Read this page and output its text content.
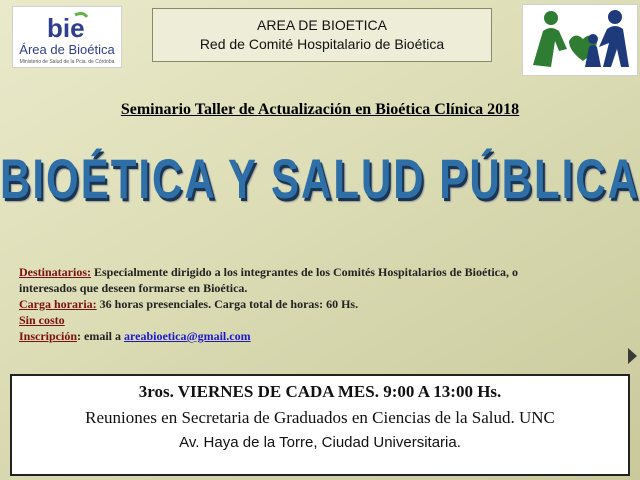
bie
Área de Bioética
Ministerio de Salud de la Pcia. de Córdoba
AREA DE BIOETICA
Red de Comité Hospitalario de Bioética
Seminario Taller de Actualización en Bioética Clínica 2018
BIOÉTICA Y SALUD PÚBLICA

Destinatarios: Especialmente dirigido a los integrantes de los Comités Hospitalarios de Bioética, o

interesados que deseen formarse en Bioética.

Carga horaria: 36 horas presenciales. Carga total de horas: 60 Hs.

Sin costo

Inscripción: email a areabioetica@gmail.com

3ros. VIERNES DE CADA MES. 9:00 A 13:00 Hs.
Reuniones en Secretaria de Graduados en Ciencias de la Salud. UNC
Av. Haya de la Torre, Ciudad Universitaria.
